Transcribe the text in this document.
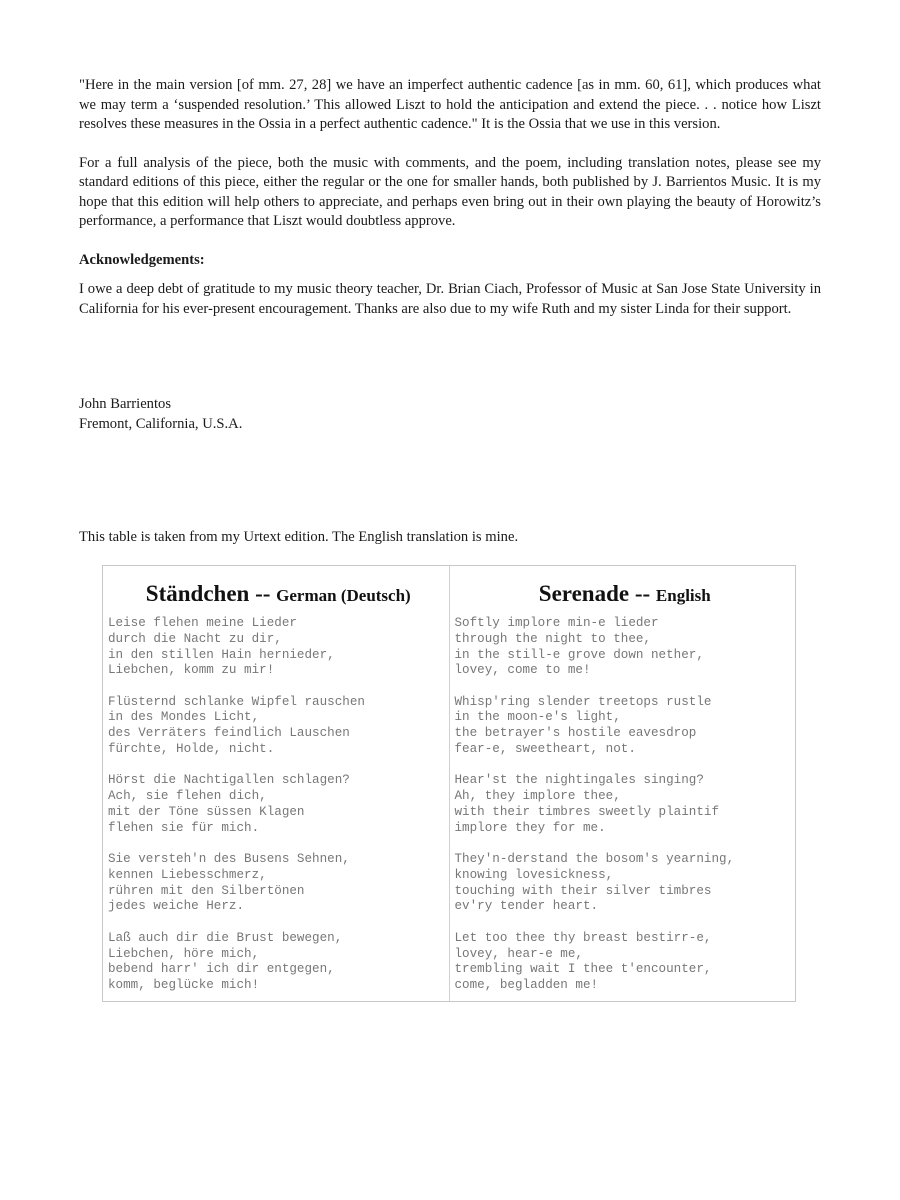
"Here in the main version [of mm. 27, 28] we have an imperfect authentic cadence [as in mm. 60, 61], which produces what we may term a ‘suspended resolution.’ This allowed Liszt to hold the anticipation and extend the piece. . . notice how Liszt resolves these measures in the Ossia in a perfect authentic cadence." It is the Ossia that we use in this version.

For a full analysis of the piece, both the music with comments, and the poem, including translation notes, please see my standard editions of this piece, either the regular or the one for smaller hands, both published by J. Barrientos Music. It is my hope that this edition will help others to appreciate, and perhaps even bring out in their own playing the beauty of Horowitz’s performance, a performance that Liszt would doubtless approve.

Acknowledgements:

I owe a deep debt of gratitude to my music theory teacher, Dr. Brian Ciach, Professor of Music at San Jose State University in California for his ever-present encouragement. Thanks are also due to my wife Ruth and my sister Linda for their support.

John Barrientos
Fremont, California, U.S.A.
This table is taken from my Urtext edition. The English translation is mine.
Ständchen -- German (Deutsch)
Leise flehen meine Lieder
durch die Nacht zu dir,
in den stillen Hain hernieder,
Liebchen, komm zu mir!
Flüsternd schlanke Wipfel rauschen
in des Mondes Licht,
des Verräters feindlich Lauschen
fürchte, Holde, nicht.
Hörst die Nachtigallen schlagen?
Ach, sie flehen dich,
mit der Töne süssen Klagen
flehen sie für mich.
Sie versteh'n des Busens Sehnen,
kennen Liebesschmerz,
rühren mit den Silbertönen
jedes weiche Herz.
Laß auch dir die Brust bewegen,
Liebchen, höre mich,
bebend harr' ich dir entgegen,
komm, beglücke mich!
Serenade -- English
Softly implore min-e lieder
through the night to thee,
in the still-e grove down nether,
lovey, come to me!
Whisp'ring slender treetops rustle
in the moon-e's light,
the betrayer's hostile eavesdrop
fear-e, sweetheart, not.
Hear'st the nightingales singing?
Ah, they implore thee,
with their timbres sweetly plaintif
implore they for me.
They'n-derstand the bosom's yearning,
knowing lovesickness,
touching with their silver timbres
ev'ry tender heart.
Let too thee thy breast bestirr-e,
lovey, hear-e me,
trembling wait I thee t'encounter,
come, begladden me!
